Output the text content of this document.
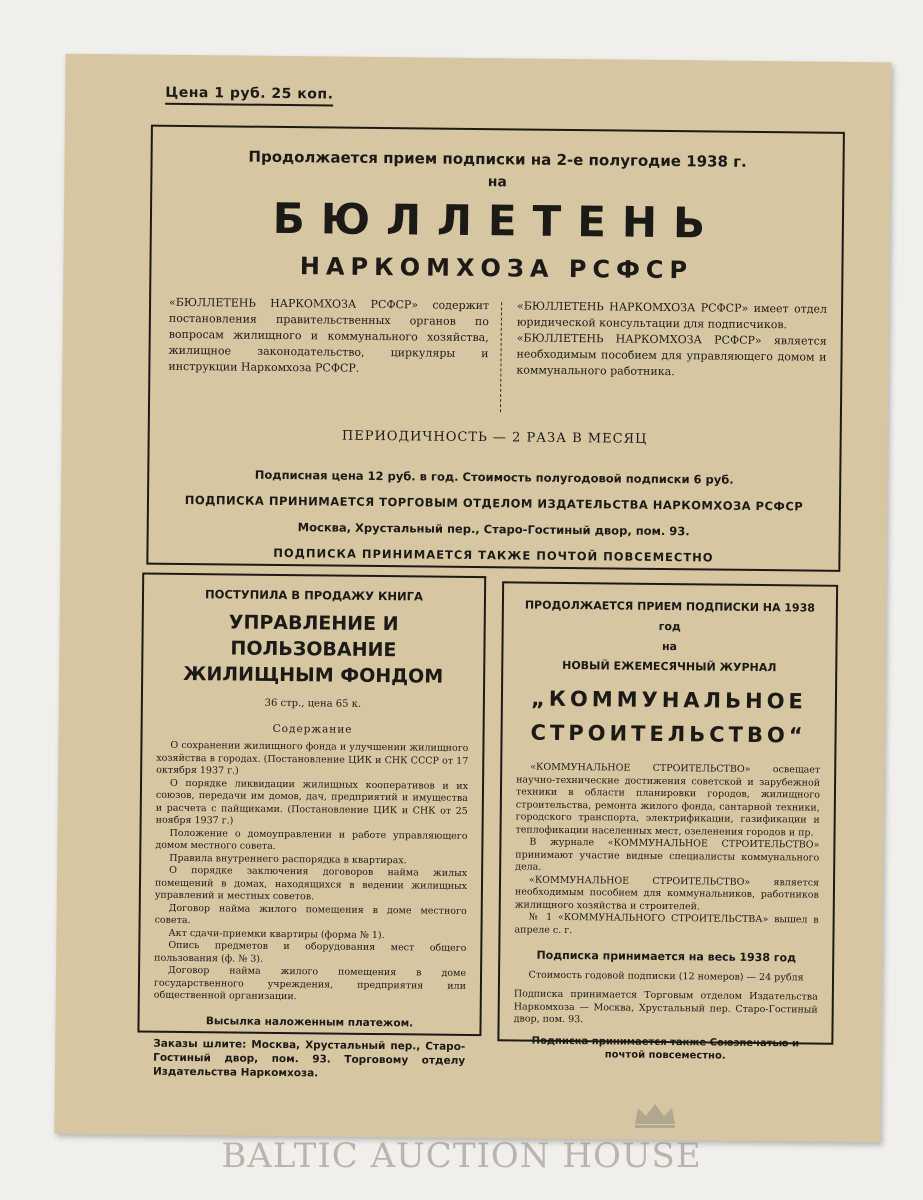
Цена 1 руб. 25 коп.
Продолжается прием подписки на 2-е полугодие 1938 г.
на
БЮЛЛЕТЕНЬ
НАРКОМХОЗА РСФСР
«БЮЛЛЕТЕНЬ НАРКОМХОЗА РСФСР» содержит постановления правительственных органов по вопросам жилищного и коммунального хозяйства, жилищное законодательство, циркуляры и инструкции Наркомхоза РСФСР.
«БЮЛЛЕТЕНЬ НАРКОМХОЗА РСФСР» имеет отдел юридической консультации для подписчиков.
«БЮЛЛЕТЕНЬ НАРКОМХОЗА РСФСР» является необходимым пособием для управляющего домом и коммунального работника.
ПЕРИОДИЧНОСТЬ — 2 РАЗА В МЕСЯЦ
Подписная цена 12 руб. в год. Стоимость полугодовой подписки 6 руб.
ПОДПИСКА ПРИНИМАЕТСЯ ТОРГОВЫМ ОТДЕЛОМ ИЗДАТЕЛЬСТВА НАРКОМХОЗА РСФСР
Москва, Хрустальный пер., Старо-Гостиный двор, пом. 93.
ПОДПИСКА ПРИНИМАЕТСЯ ТАКЖЕ ПОЧТОЙ ПОВСЕМЕСТНО
ПОСТУПИЛА В ПРОДАЖУ КНИГА
УПРАВЛЕНИЕ И ПОЛЬЗОВАНИЕ
ЖИЛИЩНЫМ ФОНДОМ
36 стр., цена 65 к.
Содержание

О сохранении жилищного фонда и улучшении жилищного хозяйства в городах. (Постановление ЦИК и СНК СССР от 17 октября 1937 г.)

О порядке ликвидации жилищных кооперативов и их союзов, передачи им домов, дач, предприятий и имущества и расчета с пайщиками. (Постановление ЦИК и СНК от 25 ноября 1937 г.)

Положение о домоуправлении и работе управляющего домом местного совета.

Правила внутреннего распорядка в квартирах.

О порядке заключения договоров найма жилых помещений в домах, находящихся в ведении жилищных управлений и местных советов.

Договор найма жилого помещения в доме местного совета.

Акт сдачи-приемки квартиры (форма № 1).

Опись предметов и оборудования мест общего пользования (ф. № 3).

Договор найма жилого помещения в доме государственного учреждения, предприятия или общественной организации.

Высылка наложенным платежом.
Заказы шлите: Москва, Хрустальный пер., Старо-Гостиный двор, пом. 93. Торговому отделу Издательства Наркомхоза.
ПРОДОЛЖАЕТСЯ ПРИЕМ ПОДПИСКИ НА 1938 год
на
НОВЫЙ ЕЖЕМЕСЯЧНЫЙ ЖУРНАЛ
„КОММУНАЛЬНОЕ
СТРОИТЕЛЬСТВО“

«КОММУНАЛЬНОЕ СТРОИТЕЛЬСТВО» освещает научно-технические достижения советской и зарубежной техники в области планировки городов, жилищного строительства, ремонта жилого фонда, сантарной техники, городского транспорта, электрификации, газификации и теплофикации населенных мест, озеленения городов и пр.

В журнале «КОММУНАЛЬНОЕ СТРОИТЕЛЬСТВО» принимают участие видные специалисты коммунального дела.

«КОММУНАЛЬНОЕ СТРОИТЕЛЬСТВО» является необходимым пособием для коммунальников, работников жилищного хозяйства и строителей.

№ 1 «КОММУНАЛЬНОГО СТРОИТЕЛЬСТВА» вышел в апреле с. г.

Подписка принимается на весь 1938 год
Стоимость годовой подписки (12 номеров) — 24 рубля
Подписка принимается Торговым отделом Издательства Наркомхоза — Москва, Хрустальный пер. Старо-Гостиный двор, пом. 93.
Подписка принимается также Союзпечатью и почтой повсеместно.
BALTIC AUCTION HOUSE
